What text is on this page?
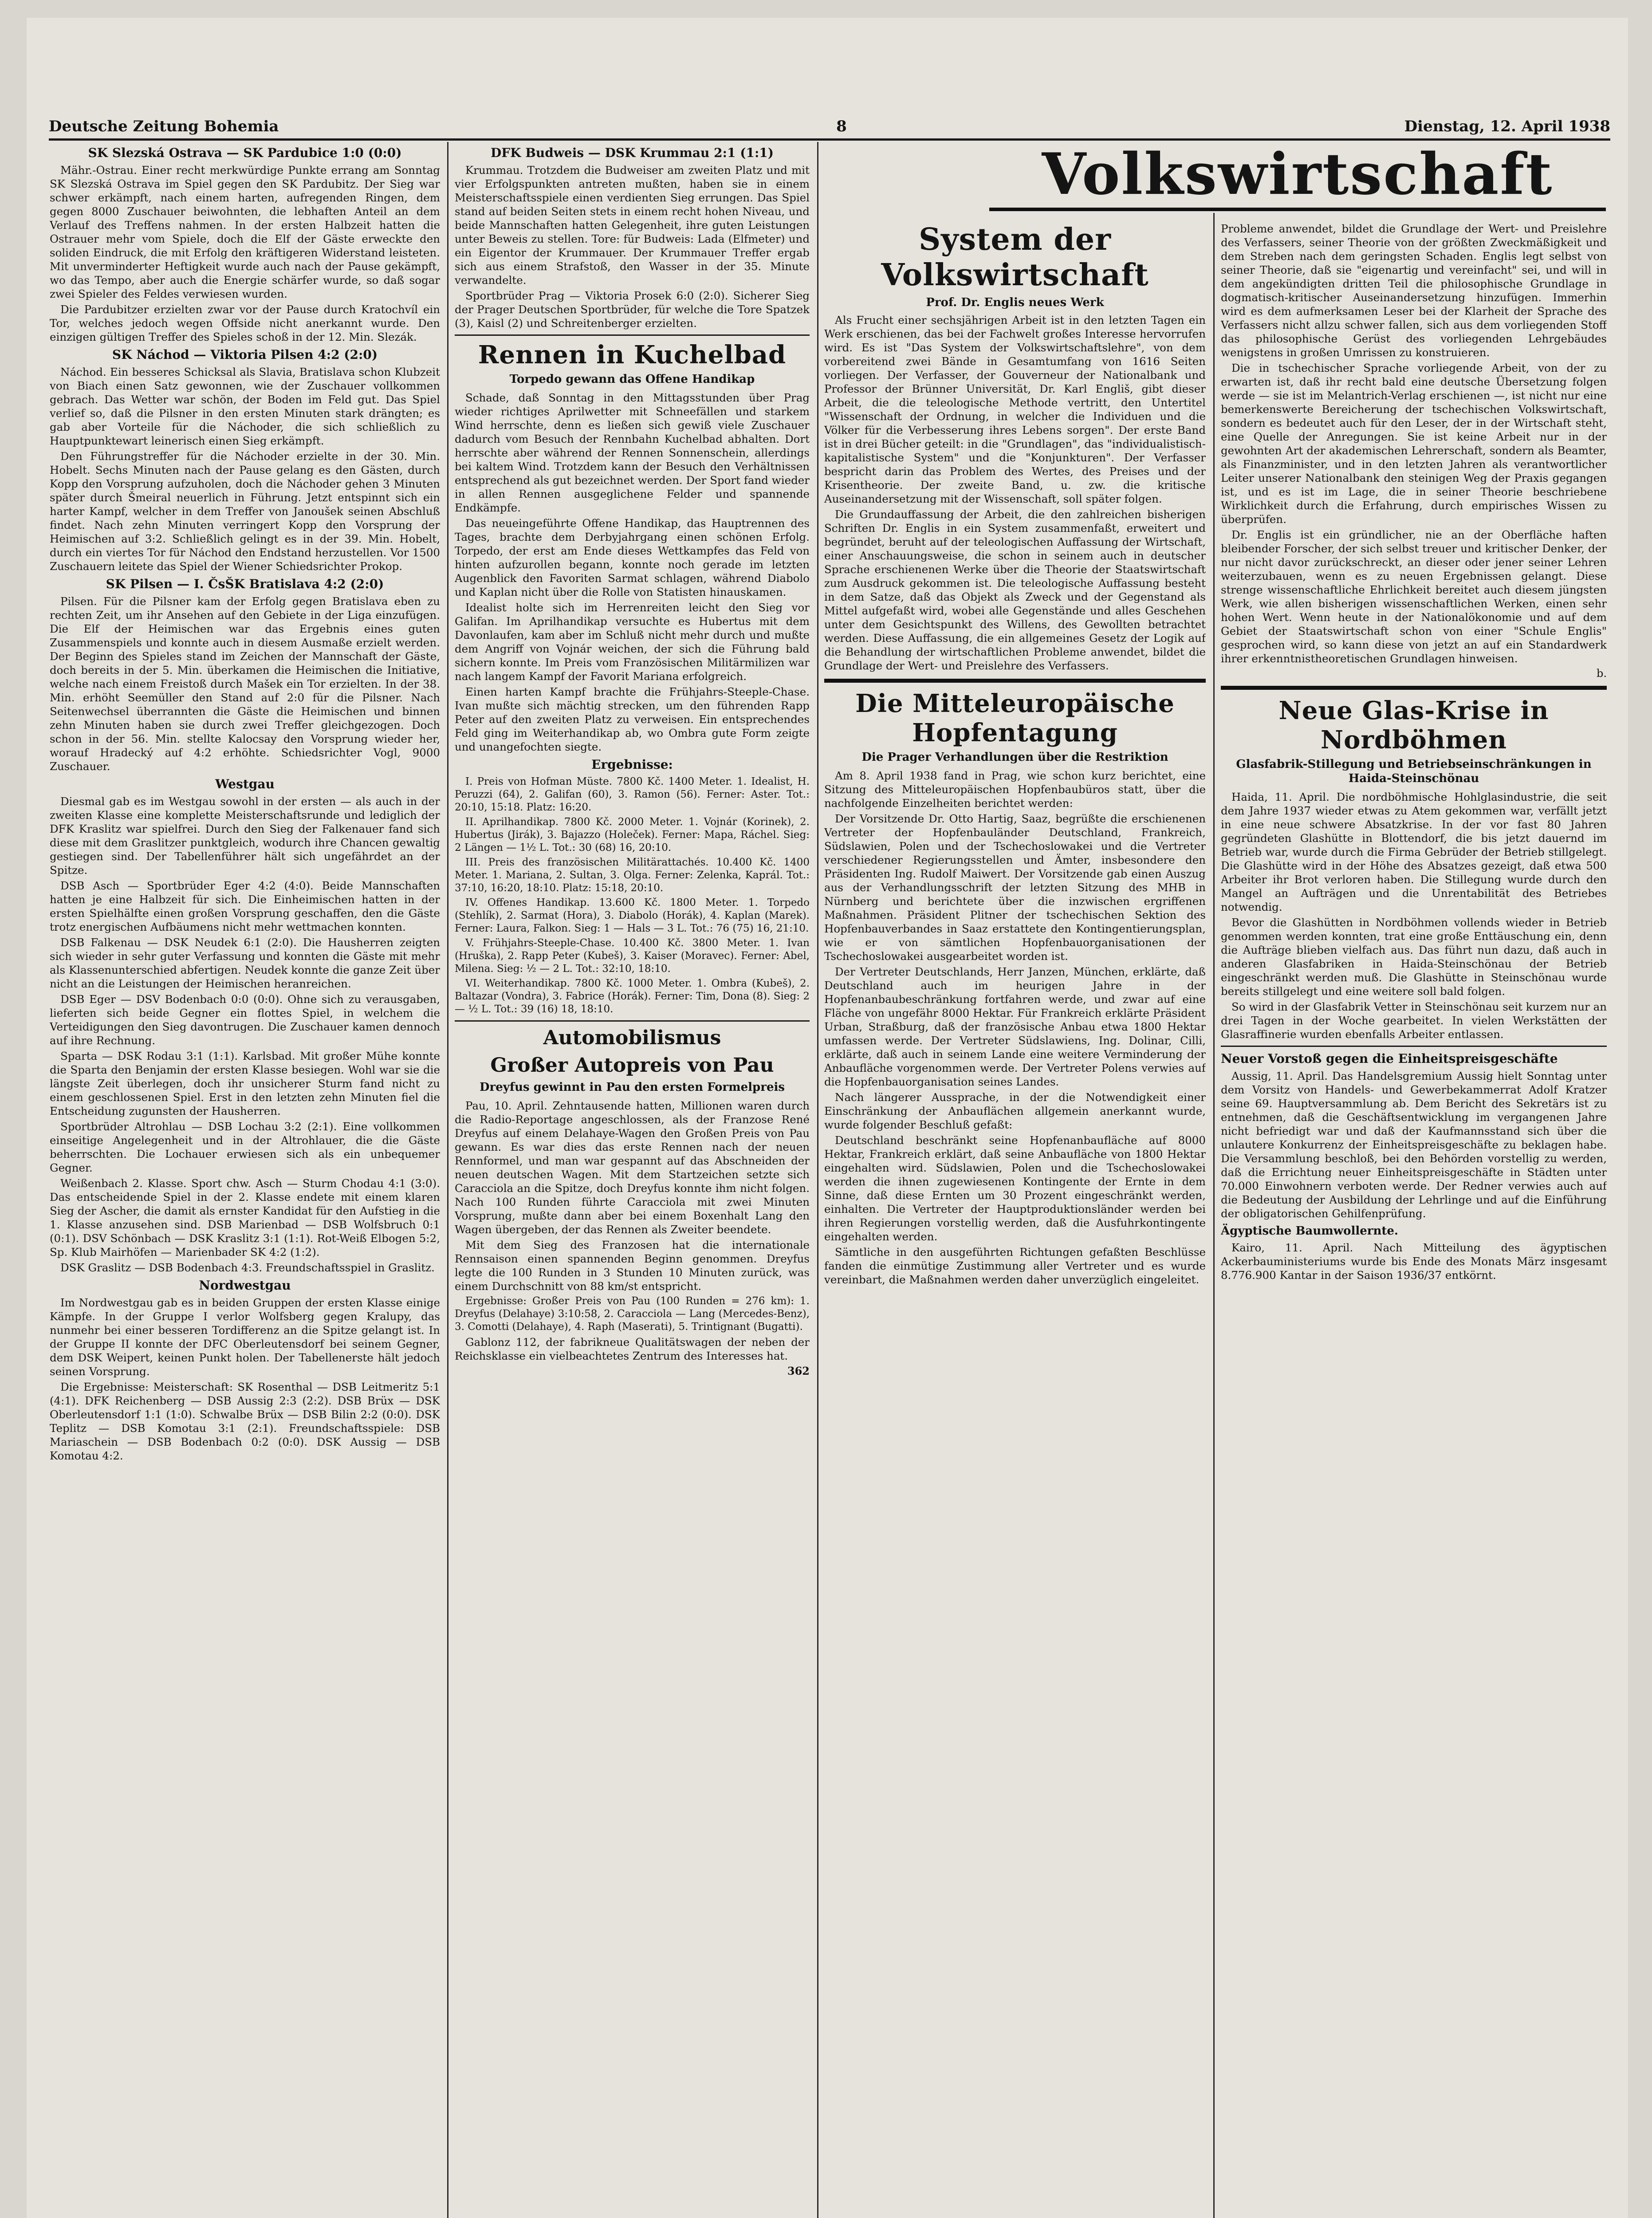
Deutsche Zeitung Bohemia	8	Dienstag, 12. April 1938
Volkswirtschaft
SK Slezská Ostrava — SK Pardubice 1:0 (0:0)

Mähr.-Ostrau. Einer recht merkwürdige Punkte errang am Sonntag SK Slezská Ostrava im Spiel gegen den SK Pardubitz. Der Sieg war schwer erkämpft, nach einem harten, aufregenden Ringen, dem gegen 8000 Zuschauer beiwohnten, die lebhaften Anteil an dem Verlauf des Treffens nahmen. In der ersten Halbzeit hatten die Ostrauer mehr vom Spiele, doch die Elf der Gäste erweckte den soliden Eindruck, die mit Erfolg den kräftigeren Widerstand leisteten. Mit unverminderter Heftigkeit wurde auch nach der Pause gekämpft, wo das Tempo, aber auch die Energie schärfer wurde, so daß sogar zwei Spieler des Feldes verwiesen wurden.

Die Pardubitzer erzielten zwar vor der Pause durch Kratochvíl ein Tor, welches jedoch wegen Offside nicht anerkannt wurde. Den einzigen gültigen Treffer des Spieles schoß in der 12. Min. Slezák.

SK Náchod — Viktoria Pilsen 4:2 (2:0)

Náchod. Ein besseres Schicksal als Slavia, Bratislava schon Klubzeit von Biach einen Satz gewonnen, wie der Zuschauer vollkommen gebrach. Das Wetter war schön, der Boden im Feld gut. Das Spiel verlief so, daß die Pilsner in den ersten Minuten stark drängten; es gab aber Vorteile für die Náchoder, die sich schließlich zu Hauptpunktewart leinerisch einen Sieg erkämpft.

Den Führungstreffer für die Náchoder erzielte in der 30. Min. Hobelt. Sechs Minuten nach der Pause gelang es den Gästen, durch Kopp den Vorsprung aufzuholen, doch die Náchoder gehen 3 Minuten später durch Šmeiral neuerlich in Führung. Jetzt entspinnt sich ein harter Kampf, welcher in dem Treffer von Janoušek seinen Abschluß findet. Nach zehn Minuten verringert Kopp den Vorsprung der Heimischen auf 3:2. Schließlich gelingt es in der 39. Min. Hobelt, durch ein viertes Tor für Náchod den Endstand herzustellen. Vor 1500 Zuschauern leitete das Spiel der Wiener Schiedsrichter Prokop.

SK Pilsen — I. ČsŠK Bratislava 4:2 (2:0)

Pilsen. Für die Pilsner kam der Erfolg gegen Bratislava eben zu rechten Zeit, um ihr Ansehen auf den Gebiete in der Liga einzufügen. Die Elf der Heimischen war das Ergebnis eines guten Zusammenspiels und konnte auch in diesem Ausmaße erzielt werden. Der Beginn des Spieles stand im Zeichen der Mannschaft der Gäste, doch bereits in der 5. Min. überkamen die Heimischen die Initiative, welche nach einem Freistoß durch Mašek ein Tor erzielten. In der 38. Min. erhöht Seemüller den Stand auf 2:0 für die Pilsner. Nach Seitenwechsel überrannten die Gäste die Heimischen und binnen zehn Minuten haben sie durch zwei Treffer gleichgezogen. Doch schon in der 56. Min. stellte Kalocsay den Vorsprung wieder her, worauf Hradecký auf 4:2 erhöhte. Schiedsrichter Vogl, 9000 Zuschauer.

Westgau

Diesmal gab es im Westgau sowohl in der ersten — als auch in der zweiten Klasse eine komplette Meisterschaftsrunde und lediglich der DFK Kraslitz war spielfrei. Durch den Sieg der Falkenauer fand sich diese mit dem Graslitzer punktgleich, wodurch ihre Chancen gewaltig gestiegen sind. Der Tabellenführer hält sich ungefährdet an der Spitze.

DSB Asch — Sportbrüder Eger 4:2 (4:0). Beide Mannschaften hatten je eine Halbzeit für sich. Die Einheimischen hatten in der ersten Spielhälfte einen großen Vorsprung geschaffen, den die Gäste trotz energischen Aufbäumens nicht mehr wettmachen konnten.

DSB Falkenau — DSK Neudek 6:1 (2:0). Die Hausherren zeigten sich wieder in sehr guter Verfassung und konnten die Gäste mit mehr als Klassenunterschied abfertigen. Neudek konnte die ganze Zeit über nicht an die Leistungen der Heimischen heranreichen.

DSB Eger — DSV Bodenbach 0:0 (0:0). Ohne sich zu verausgaben, lieferten sich beide Gegner ein flottes Spiel, in welchem die Verteidigungen den Sieg davontrugen. Die Zuschauer kamen dennoch auf ihre Rechnung.

Sparta — DSK Rodau 3:1 (1:1). Karlsbad. Mit großer Mühe konnte die Sparta den Benjamin der ersten Klasse besiegen. Wohl war sie die längste Zeit überlegen, doch ihr unsicherer Sturm fand nicht zu einem geschlossenen Spiel. Erst in den letzten zehn Minuten fiel die Entscheidung zugunsten der Hausherren.

Sportbrüder Altrohlau — DSB Lochau 3:2 (2:1). Eine vollkommen einseitige Angelegenheit und in der Altrohlauer, die die Gäste beherrschten. Die Lochauer erwiesen sich als ein unbequemer Gegner.

Weißenbach 2. Klasse. Sport chw. Asch — Sturm Chodau 4:1 (3:0). Das entscheidende Spiel in der 2. Klasse endete mit einem klaren Sieg der Ascher, die damit als ernster Kandidat für den Aufstieg in die 1. Klasse anzusehen sind. DSB Marienbad — DSB Wolfsbruch 0:1 (0:1). DSV Schönbach — DSK Kraslitz 3:1 (1:1). Rot-Weiß Elbogen 5:2, Sp. Klub Mairhöfen — Marienbader SK 4:2 (1:2).

DSK Graslitz — DSB Bodenbach 4:3. Freundschaftsspiel in Graslitz.

Nordwestgau

Im Nordwestgau gab es in beiden Gruppen der ersten Klasse einige Kämpfe. In der Gruppe I verlor Wolfsberg gegen Kralupy, das nunmehr bei einer besseren Tordifferenz an die Spitze gelangt ist. In der Gruppe II konnte der DFC Oberleutensdorf bei seinem Gegner, dem DSK Weipert, keinen Punkt holen. Der Tabellenerste hält jedoch seinen Vorsprung.

Die Ergebnisse: Meisterschaft: SK Rosenthal — DSB Leitmeritz 5:1 (4:1). DFK Reichenberg — DSB Aussig 2:3 (2:2). DSB Brüx — DSK Oberleutensdorf 1:1 (1:0). Schwalbe Brüx — DSB Bilin 2:2 (0:0). DSK Teplitz — DSB Komotau 3:1 (2:1). Freundschaftsspiele: DSB Mariaschein — DSB Bodenbach 0:2 (0:0). DSK Aussig — DSB Komotau 4:2.

DFK Budweis — DSK Krummau 2:1 (1:1)

Krummau. Trotzdem die Budweiser am zweiten Platz und mit vier Erfolgspunkten antreten mußten, haben sie in einem Meisterschaftsspiele einen verdienten Sieg errungen. Das Spiel stand auf beiden Seiten stets in einem recht hohen Niveau, und beide Mannschaften hatten Gelegenheit, ihre guten Leistungen unter Beweis zu stellen. Tore: für Budweis: Lada (Elfmeter) und ein Eigentor der Krummauer. Der Krummauer Treffer ergab sich aus einem Strafstoß, den Wasser in der 35. Minute verwandelte.

Sportbrüder Prag — Viktoria Prosek 6:0 (2:0). Sicherer Sieg der Prager Deutschen Sportbrüder, für welche die Tore Spatzek (3), Kaisl (2) und Schreitenberger erzielten.

Rennen in Kuchelbad
Torpedo gewann das Offene Handikap

Schade, daß Sonntag in den Mittagsstunden über Prag wieder richtiges Aprilwetter mit Schneefällen und starkem Wind herrschte, denn es ließen sich gewiß viele Zuschauer dadurch vom Besuch der Rennbahn Kuchelbad abhalten. Dort herrschte aber während der Rennen Sonnenschein, allerdings bei kaltem Wind. Trotzdem kann der Besuch den Verhältnissen entsprechend als gut bezeichnet werden. Der Sport fand wieder in allen Rennen ausgeglichene Felder und spannende Endkämpfe.

Das neueingeführte Offene Handikap, das Hauptrennen des Tages, brachte dem Derbyjahrgang einen schönen Erfolg. Torpedo, der erst am Ende dieses Wettkampfes das Feld von hinten aufzurollen begann, konnte noch gerade im letzten Augenblick den Favoriten Sarmat schlagen, während Diabolo und Kaplan nicht über die Rolle von Statisten hinauskamen.

Idealist holte sich im Herrenreiten leicht den Sieg vor Galifan. Im Aprilhandikap versuchte es Hubertus mit dem Davonlaufen, kam aber im Schluß nicht mehr durch und mußte dem Angriff von Vojnár weichen, der sich die Führung bald sichern konnte. Im Preis vom Französischen Militärmilizen war nach langem Kampf der Favorit Mariana erfolgreich.

Einen harten Kampf brachte die Frühjahrs-Steeple-Chase. Ivan mußte sich mächtig strecken, um den führenden Rapp Peter auf den zweiten Platz zu verweisen. Ein entsprechendes Feld ging im Weiterhandikap ab, wo Ombra gute Form zeigte und unangefochten siegte.

Ergebnisse:

I. Preis von Hofman Müste. 7800 Kč. 1400 Meter. 1. Idealist, H. Peruzzi (64), 2. Galifan (60), 3. Ramon (56). Ferner: Aster. Tot.: 20:10, 15:18. Platz: 16:20.

II. Aprilhandikap. 7800 Kč. 2000 Meter. 1. Vojnár (Korinek), 2. Hubertus (Jirák), 3. Bajazzo (Holeček). Ferner: Mapa, Ráchel. Sieg: 2 Längen — 1½ L. Tot.: 30 (68) 16, 20:10.

III. Preis des französischen Militärattachés. 10.400 Kč. 1400 Meter. 1. Mariana, 2. Sultan, 3. Olga. Ferner: Zelenka, Kaprál. Tot.: 37:10, 16:20, 18:10. Platz: 15:18, 20:10.

IV. Offenes Handikap. 13.600 Kč. 1800 Meter. 1. Torpedo (Stehlík), 2. Sarmat (Hora), 3. Diabolo (Horák), 4. Kaplan (Marek). Ferner: Laura, Falkon. Sieg: 1 — Hals — 3 L. Tot.: 76 (75) 16, 21:10.

V. Frühjahrs-Steeple-Chase. 10.400 Kč. 3800 Meter. 1. Ivan (Hruška), 2. Rapp Peter (Kubeš), 3. Kaiser (Moravec). Ferner: Abel, Milena. Sieg: ½ — 2 L. Tot.: 32:10, 18:10.

VI. Weiterhandikap. 7800 Kč. 1000 Meter. 1. Ombra (Kubeš), 2. Baltazar (Vondra), 3. Fabrice (Horák). Ferner: Tim, Dona (8). Sieg: 2 — ½ L. Tot.: 39 (16) 18, 18:10.

Automobilismus
Großer Autopreis von Pau
Dreyfus gewinnt in Pau den ersten Formelpreis

Pau, 10. April. Zehntausende hatten, Millionen waren durch die Radio-Reportage angeschlossen, als der Franzose René Dreyfus auf einem Delahaye-Wagen den Großen Preis von Pau gewann. Es war dies das erste Rennen nach der neuen Rennformel, und man war gespannt auf das Abschneiden der neuen deutschen Wagen. Mit dem Startzeichen setzte sich Caracciola an die Spitze, doch Dreyfus konnte ihm nicht folgen. Nach 100 Runden führte Caracciola mit zwei Minuten Vorsprung, mußte dann aber bei einem Boxenhalt Lang den Wagen übergeben, der das Rennen als Zweiter beendete.

Mit dem Sieg des Franzosen hat die internationale Rennsaison einen spannenden Beginn genommen. Dreyfus legte die 100 Runden in 3 Stunden 10 Minuten zurück, was einem Durchschnitt von 88 km/st entspricht.

Ergebnisse: Großer Preis von Pau (100 Runden = 276 km): 1. Dreyfus (Delahaye) 3:10:58, 2. Caracciola — Lang (Mercedes-Benz), 3. Comotti (Delahaye), 4. Raph (Maserati), 5. Trintignant (Bugatti).

Gablonz 112, der fabrikneue Qualitätswagen der neben der Reichsklasse ein vielbeachtetes Zentrum des Interesses hat.

362
System der Volkswirtschaft
Prof. Dr. Englis neues Werk

Als Frucht einer sechsjährigen Arbeit ist in den letzten Tagen ein Werk erschienen, das bei der Fachwelt großes Interesse hervorrufen wird. Es ist "Das System der Volkswirtschaftslehre", von dem vorbereitend zwei Bände in Gesamtumfang von 1616 Seiten vorliegen. Der Verfasser, der Gouverneur der Nationalbank und Professor der Brünner Universität, Dr. Karl Engliš, gibt dieser Arbeit, die die teleologische Methode vertritt, den Untertitel "Wissenschaft der Ordnung, in welcher die Individuen und die Völker für die Verbesserung ihres Lebens sorgen". Der erste Band ist in drei Bücher geteilt: in die "Grundlagen", das "individualistisch-kapitalistische System" und die "Konjunkturen". Der Verfasser bespricht darin das Problem des Wertes, des Preises und der Krisentheorie. Der zweite Band, u. zw. die kritische Auseinandersetzung mit der Wissenschaft, soll später folgen.

Die Grundauffassung der Arbeit, die den zahlreichen bisherigen Schriften Dr. Englis in ein System zusammenfaßt, erweitert und begründet, beruht auf der teleologischen Auffassung der Wirtschaft, einer Anschauungsweise, die schon in seinem auch in deutscher Sprache erschienenen Werke über die Theorie der Staatswirtschaft zum Ausdruck gekommen ist. Die teleologische Auffassung besteht in dem Satze, daß das Objekt als Zweck und der Gegenstand als Mittel aufgefaßt wird, wobei alle Gegenstände und alles Geschehen unter dem Gesichtspunkt des Willens, des Gewollten betrachtet werden. Diese Auffassung, die ein allgemeines Gesetz der Logik auf die Behandlung der wirtschaftlichen Probleme anwendet, bildet die Grundlage der Wert- und Preislehre des Verfassers.

Die Mitteleuropäische Hopfentagung
Die Prager Verhandlungen über die Restriktion

Am 8. April 1938 fand in Prag, wie schon kurz berichtet, eine Sitzung des Mitteleuropäischen Hopfenbaubüros statt, über die nachfolgende Einzelheiten berichtet werden:

Der Vorsitzende Dr. Otto Hartig, Saaz, begrüßte die erschienenen Vertreter der Hopfenbauländer Deutschland, Frankreich, Südslawien, Polen und der Tschechoslowakei und die Vertreter verschiedener Regierungsstellen und Ämter, insbesondere den Präsidenten Ing. Rudolf Maiwert. Der Vorsitzende gab einen Auszug aus der Verhandlungsschrift der letzten Sitzung des MHB in Nürnberg und berichtete über die inzwischen ergriffenen Maßnahmen. Präsident Plitner der tschechischen Sektion des Hopfenbauverbandes in Saaz erstattete den Kontingentierungsplan, wie er von sämtlichen Hopfenbauorganisationen der Tschechoslowakei ausgearbeitet worden ist.

Der Vertreter Deutschlands, Herr Janzen, München, erklärte, daß Deutschland auch im heurigen Jahre in der Hopfenanbaubeschränkung fortfahren werde, und zwar auf eine Fläche von ungefähr 8000 Hektar. Für Frankreich erklärte Präsident Urban, Straßburg, daß der französische Anbau etwa 1800 Hektar umfassen werde. Der Vertreter Südslawiens, Ing. Dolinar, Cilli, erklärte, daß auch in seinem Lande eine weitere Verminderung der Anbaufläche vorgenommen werde. Der Vertreter Polens verwies auf die Hopfenbauorganisation seines Landes.

Nach längerer Aussprache, in der die Notwendigkeit einer Einschränkung der Anbauflächen allgemein anerkannt wurde, wurde folgender Beschluß gefaßt:

Deutschland beschränkt seine Hopfenanbaufläche auf 8000 Hektar, Frankreich erklärt, daß seine Anbaufläche von 1800 Hektar eingehalten wird. Südslawien, Polen und die Tschechoslowakei werden die ihnen zugewiesenen Kontingente der Ernte in dem Sinne, daß diese Ernten um 30 Prozent eingeschränkt werden, einhalten. Die Vertreter der Hauptproduktionsländer werden bei ihren Regierungen vorstellig werden, daß die Ausfuhrkontingente eingehalten werden.

Sämtliche in den ausgeführten Richtungen gefaßten Beschlüsse fanden die einmütige Zustimmung aller Vertreter und es wurde vereinbart, die Maßnahmen werden daher unverzüglich eingeleitet.

Probleme anwendet, bildet die Grundlage der Wert- und Preislehre des Verfassers, seiner Theorie von der größten Zweckmäßigkeit und dem Streben nach dem geringsten Schaden. Englis legt selbst von seiner Theorie, daß sie "eigenartig und vereinfacht" sei, und will in dem angekündigten dritten Teil die philosophische Grundlage in dogmatisch-kritischer Auseinandersetzung hinzufügen. Immerhin wird es dem aufmerksamen Leser bei der Klarheit der Sprache des Verfassers nicht allzu schwer fallen, sich aus dem vorliegenden Stoff das philosophische Gerüst des vorliegenden Lehrgebäudes wenigstens in großen Umrissen zu konstruieren.

Die in tschechischer Sprache vorliegende Arbeit, von der zu erwarten ist, daß ihr recht bald eine deutsche Übersetzung folgen werde — sie ist im Melantrich-Verlag erschienen —, ist nicht nur eine bemerkenswerte Bereicherung der tschechischen Volkswirtschaft, sondern es bedeutet auch für den Leser, der in der Wirtschaft steht, eine Quelle der Anregungen. Sie ist keine Arbeit nur in der gewohnten Art der akademischen Lehrerschaft, sondern als Beamter, als Finanzminister, und in den letzten Jahren als verantwortlicher Leiter unserer Nationalbank den steinigen Weg der Praxis gegangen ist, und es ist im Lage, die in seiner Theorie beschriebene Wirklichkeit durch die Erfahrung, durch empirisches Wissen zu überprüfen.

Dr. Englis ist ein gründlicher, nie an der Oberfläche haften bleibender Forscher, der sich selbst treuer und kritischer Denker, der nur nicht davor zurückschreckt, an dieser oder jener seiner Lehren weiterzubauen, wenn es zu neuen Ergebnissen gelangt. Diese strenge wissenschaftliche Ehrlichkeit bereitet auch diesem jüngsten Werk, wie allen bisherigen wissenschaftlichen Werken, einen sehr hohen Wert. Wenn heute in der Nationalökonomie und auf dem Gebiet der Staatswirtschaft schon von einer "Schule Englis" gesprochen wird, so kann diese von jetzt an auf ein Standardwerk ihrer erkenntnistheoretischen Grundlagen hinweisen.

b.
Neue Glas-Krise in Nordböhmen
Glasfabrik-Stillegung und Betriebseinschränkungen in Haida-Steinschönau

Haida, 11. April. Die nordböhmische Hohlglasindustrie, die seit dem Jahre 1937 wieder etwas zu Atem gekommen war, verfällt jetzt in eine neue schwere Absatzkrise. In der vor fast 80 Jahren gegründeten Glashütte in Blottendorf, die bis jetzt dauernd im Betrieb war, wurde durch die Firma Gebrüder der Betrieb stillgelegt. Die Glashütte wird in der Höhe des Absatzes gezeigt, daß etwa 500 Arbeiter ihr Brot verloren haben. Die Stillegung wurde durch den Mangel an Aufträgen und die Unrentabilität des Betriebes notwendig.

Bevor die Glashütten in Nordböhmen vollends wieder in Betrieb genommen werden konnten, trat eine große Enttäuschung ein, denn die Aufträge blieben vielfach aus. Das führt nun dazu, daß auch in anderen Glasfabriken in Haida-Steinschönau der Betrieb eingeschränkt werden muß. Die Glashütte in Steinschönau wurde bereits stillgelegt und eine weitere soll bald folgen.

So wird in der Glasfabrik Vetter in Steinschönau seit kurzem nur an drei Tagen in der Woche gearbeitet. In vielen Werkstätten der Glasraffinerie wurden ebenfalls Arbeiter entlassen.

Neuer Vorstoß gegen die Einheitspreisgeschäfte

Aussig, 11. April. Das Handelsgremium Aussig hielt Sonntag unter dem Vorsitz von Handels- und Gewerbekammerrat Adolf Kratzer seine 69. Hauptversammlung ab. Dem Bericht des Sekretärs ist zu entnehmen, daß die Geschäftsentwicklung im vergangenen Jahre nicht befriedigt war und daß der Kaufmannsstand sich über die unlautere Konkurrenz der Einheitspreisgeschäfte zu beklagen habe. Die Versammlung beschloß, bei den Behörden vorstellig zu werden, daß die Errichtung neuer Einheitspreisgeschäfte in Städten unter 70.000 Einwohnern verboten werde. Der Redner verwies auch auf die Bedeutung der Ausbildung der Lehrlinge und auf die Einführung der obligatorischen Gehilfenprüfung.

Ägyptische Baumwollernte.

Kairo, 11. April. Nach Mitteilung des ägyptischen Ackerbauministeriums wurde bis Ende des Monats März insgesamt 8.776.900 Kantar in der Saison 1936/37 entkörnt.
